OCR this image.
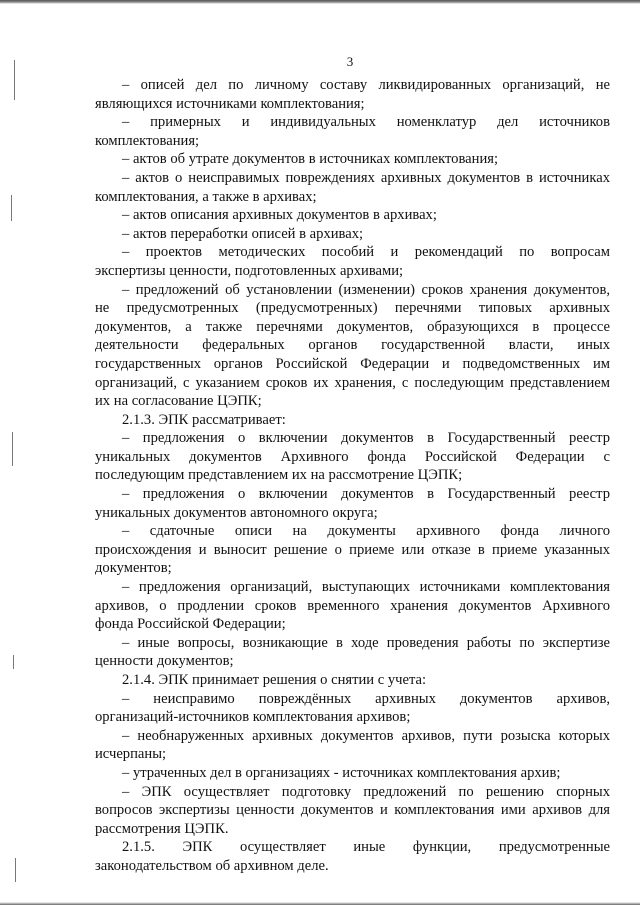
3
– описей дел по личному составу ликвидированных организаций, не
являющихся источниками комплектования;
– примерных и индивидуальных номенклатур дел источников
комплектования;
– актов об утрате документов в источниках комплектования;
– актов о неисправимых повреждениях архивных документов в источниках
комплектования, а также в архивах;
– актов описания архивных документов в архивах;
– актов переработки описей в архивах;
– проектов методических пособий и рекомендаций по вопросам
экспертизы ценности, подготовленных архивами;
– предложений об установлении (изменении) сроков хранения документов,
не предусмотренных (предусмотренных) перечнями типовых архивных
документов, а также перечнями документов, образующихся в процессе
деятельности федеральных органов государственной власти, иных
государственных органов Российской Федерации и подведомственных им
организаций, с указанием сроков их хранения, с последующим представлением
их на согласование ЦЭПК;
2.1.3. ЭПК рассматривает:
– предложения о включении документов в Государственный реестр
уникальных документов Архивного фонда Российской Федерации с
последующим представлением их на рассмотрение ЦЭПК;
– предложения о включении документов в Государственный реестр
уникальных документов автономного округа;
– сдаточные описи на документы архивного фонда личного
происхождения и выносит решение о приеме или отказе в приеме указанных
документов;
– предложения организаций, выступающих источниками комплектования
архивов, о продлении сроков временного хранения документов Архивного
фонда Российской Федерации;
– иные вопросы, возникающие в ходе проведения работы по экспертизе
ценности документов;
2.1.4. ЭПК принимает решения о снятии с учета:
– неисправимо повреждённых архивных документов архивов,
организаций-источников комплектования архивов;
– необнаруженных архивных документов архивов, пути розыска которых
исчерпаны;
– утраченных дел в организациях - источниках комплектования архив;
– ЭПК осуществляет подготовку предложений по решению спорных
вопросов экспертизы ценности документов и комплектования ими архивов для
рассмотрения ЦЭПК.
2.1.5. ЭПК осуществляет иные функции, предусмотренные
законодательством об архивном деле.
